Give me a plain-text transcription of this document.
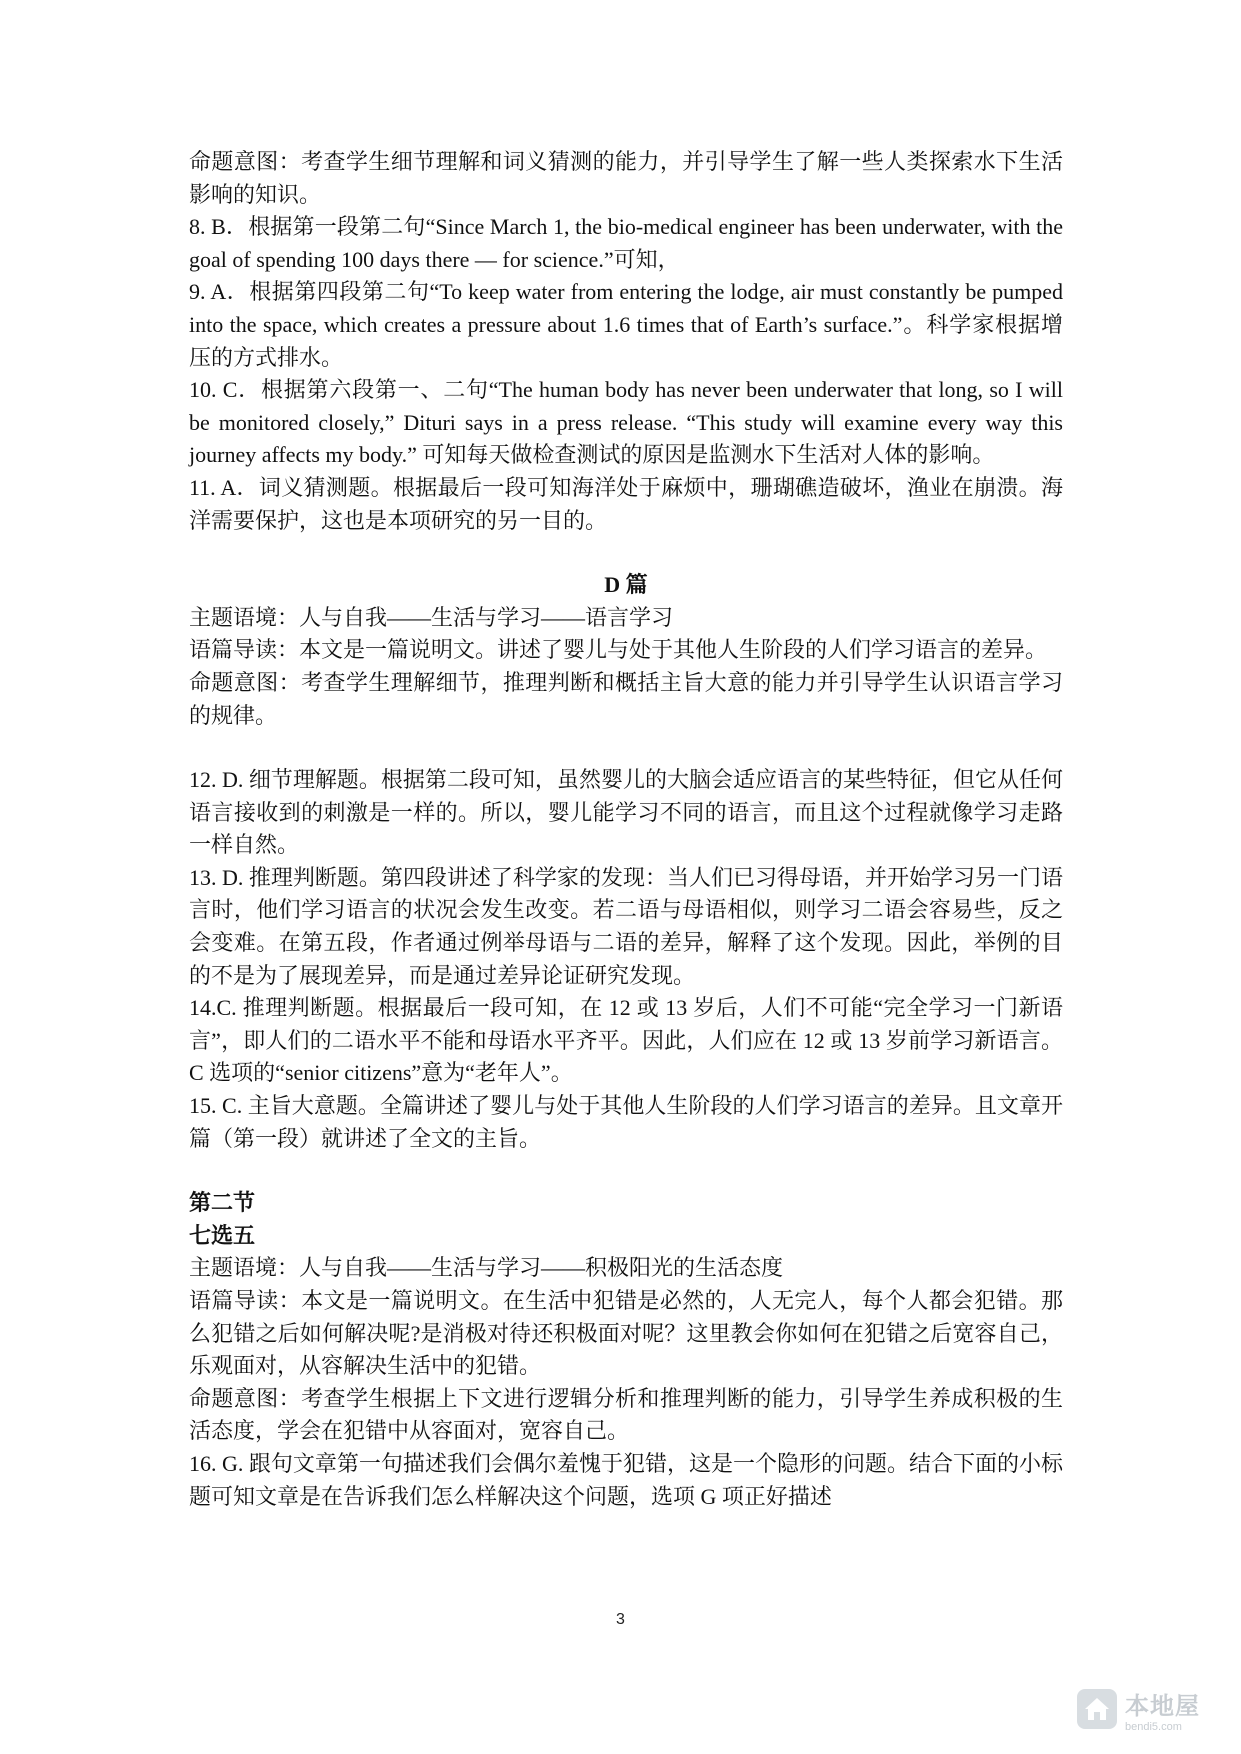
命题意图：考查学生细节理解和词义猜测的能力，并引导学生了解一些人类探索水下生活影响的知识。

8. B．根据第一段第二句“Since March 1, the bio-medical engineer has been underwater, with the goal of spending 100 days there — for science.”可知，

9. A．根据第四段第二句“To keep water from entering the lodge, air must constantly be pumped into the space, which creates a pressure about 1.6 times that of Earth’s surface.”。科学家根据增压的方式排水。

10. C．根据第六段第一、二句“The human body has never been underwater that long, so I will be monitored closely,” Dituri says in a press release. “This study will examine every way this journey affects my body.” 可知每天做检查测试的原因是监测水下生活对人体的影响。

11. A．词义猜测题。根据最后一段可知海洋处于麻烦中，珊瑚礁造破坏，渔业在崩溃。海洋需要保护，这也是本项研究的另一目的。

D 篇

主题语境：人与自我——生活与学习——语言学习

语篇导读：本文是一篇说明文。讲述了婴儿与处于其他人生阶段的人们学习语言的差异。

命题意图：考查学生理解细节，推理判断和概括主旨大意的能力并引导学生认识语言学习的规律。

12. D. 细节理解题。根据第二段可知，虽然婴儿的大脑会适应语言的某些特征，但它从任何语言接收到的刺激是一样的。所以，婴儿能学习不同的语言，而且这个过程就像学习走路一样自然。

13. D. 推理判断题。第四段讲述了科学家的发现：当人们已习得母语，并开始学习另一门语言时，他们学习语言的状况会发生改变。若二语与母语相似，则学习二语会容易些，反之会变难。在第五段，作者通过例举母语与二语的差异，解释了这个发现。因此，举例的目的不是为了展现差异，而是通过差异论证研究发现。

14.C. 推理判断题。根据最后一段可知，在 12 或 13 岁后，人们不可能“完全学习一门新语言”，即人们的二语水平不能和母语水平齐平。因此，人们应在 12 或 13 岁前学习新语言。C 选项的“senior citizens”意为“老年人”。

15. C. 主旨大意题。全篇讲述了婴儿与处于其他人生阶段的人们学习语言的差异。且文章开篇（第一段）就讲述了全文的主旨。

第二节

七选五

主题语境：人与自我——生活与学习——积极阳光的生活态度

语篇导读：本文是一篇说明文。在生活中犯错是必然的，人无完人，每个人都会犯错。那么犯错之后如何解决呢?是消极对待还积极面对呢？这里教会你如何在犯错之后宽容自己，乐观面对，从容解决生活中的犯错。

命题意图：考查学生根据上下文进行逻辑分析和推理判断的能力，引导学生养成积极的生活态度，学会在犯错中从容面对，宽容自己。

16. G. 跟句文章第一句描述我们会偶尔羞愧于犯错，这是一个隐形的问题。结合下面的小标题可知文章是在告诉我们怎么样解决这个问题，选项 G 项正好描述

3
本地屋
bendi5.com
